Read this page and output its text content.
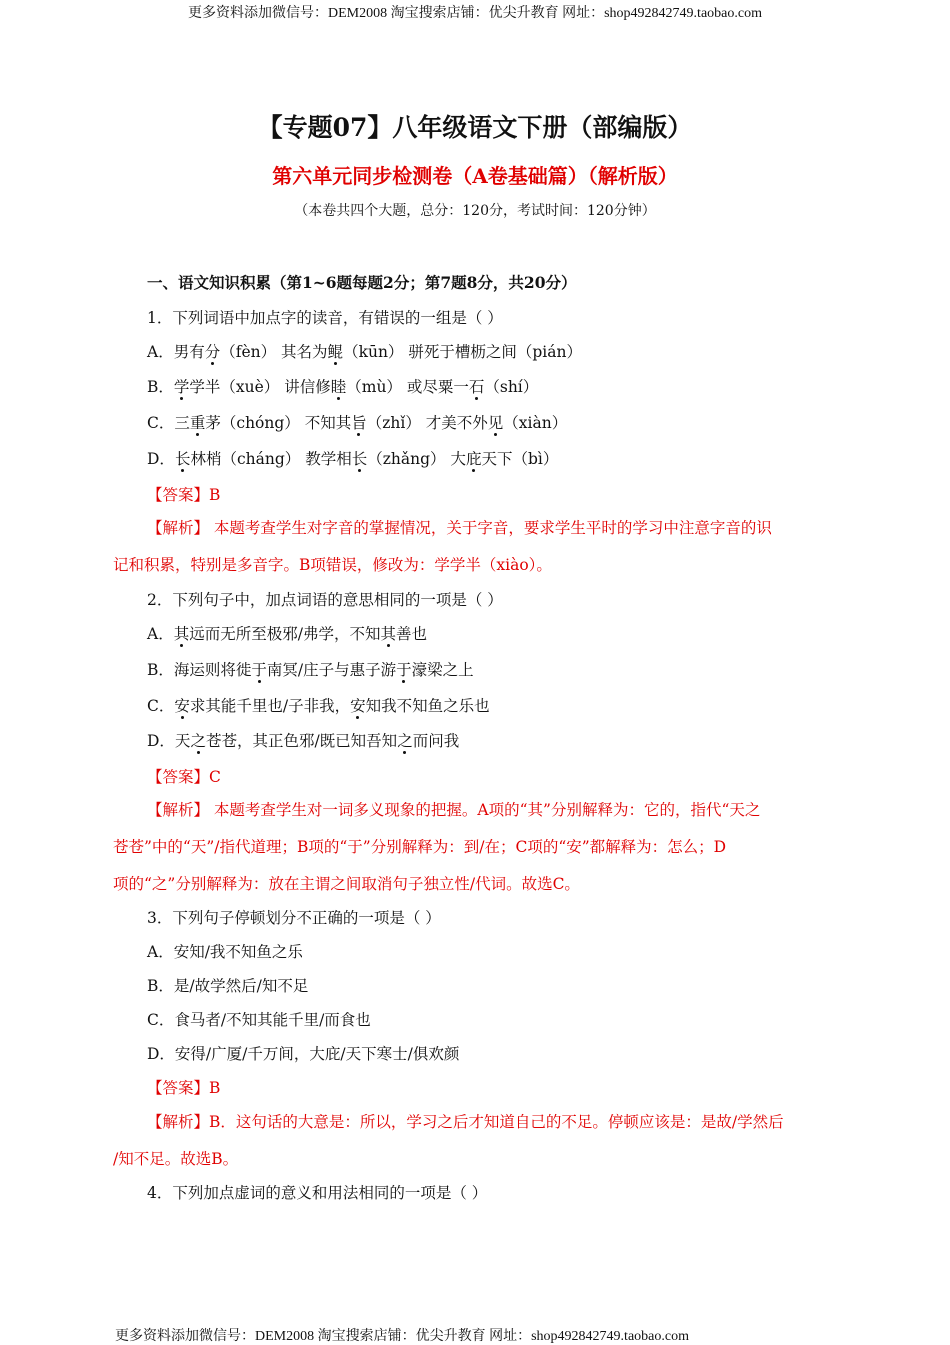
更多资料添加微信号：DEM2008 淘宝搜索店铺：优尖升教育 网址：shop492842749.taobao.com
【专题07】八年级语文下册（部编版）
第六单元同步检测卷（A卷基础篇）（解析版）
（本卷共四个大题，总分：120分，考试时间：120分钟）
一、语文知识积累（第1~6题每题2分；第7题8分，共20分）
1．下列词语中加点字的读音，有错误的一组是（ ）
A．男有分（fèn） 其名为鲲（kūn） 骈死于槽枥之间（pián）
B．学学半（xuè） 讲信修睦（mù） 或尽粟一石（shí）
C．三重茅（chóng） 不知其旨（zhǐ） 才美不外见（xiàn）
D．长林梢（cháng） 教学相长（zhǎng） 大庇天下（bì）
【答案】B
【解析】 本题考查学生对字音的掌握情况，关于字音，要求学生平时的学习中注意字音的识
记和积累，特别是多音字。B项错误，修改为：学学半（xiào）。
2．下列句子中，加点词语的意思相同的一项是（ ）
A．其远而无所至极邪/弗学，不知其善也
B．海运则将徙于南冥/庄子与惠子游于濠梁之上
C．安求其能千里也/子非我，安知我不知鱼之乐也
D．天之苍苍，其正色邪/既已知吾知之而问我
【答案】C
【解析】 本题考查学生对一词多义现象的把握。A项的“其”分别解释为：它的，指代“天之
苍苍”中的“天”/指代道理；B项的“于”分别解释为：到/在；C项的“安”都解释为：怎么；D
项的“之”分别解释为：放在主谓之间取消句子独立性/代词。故选C。
3．下列句子停顿划分不正确的一项是（ ）
A．安知/我不知鱼之乐
B．是/故学然后/知不足
C．食马者/不知其能千里/而食也
D．安得/广厦/千万间，大庇/天下寒士/俱欢颜
【答案】B
【解析】B．这句话的大意是：所以，学习之后才知道自己的不足。停顿应该是：是故/学然后
/知不足。故选B。
4．下列加点虚词的意义和用法相同的一项是（ ）
更多资料添加微信号：DEM2008 淘宝搜索店铺：优尖升教育 网址：shop492842749.taobao.com
